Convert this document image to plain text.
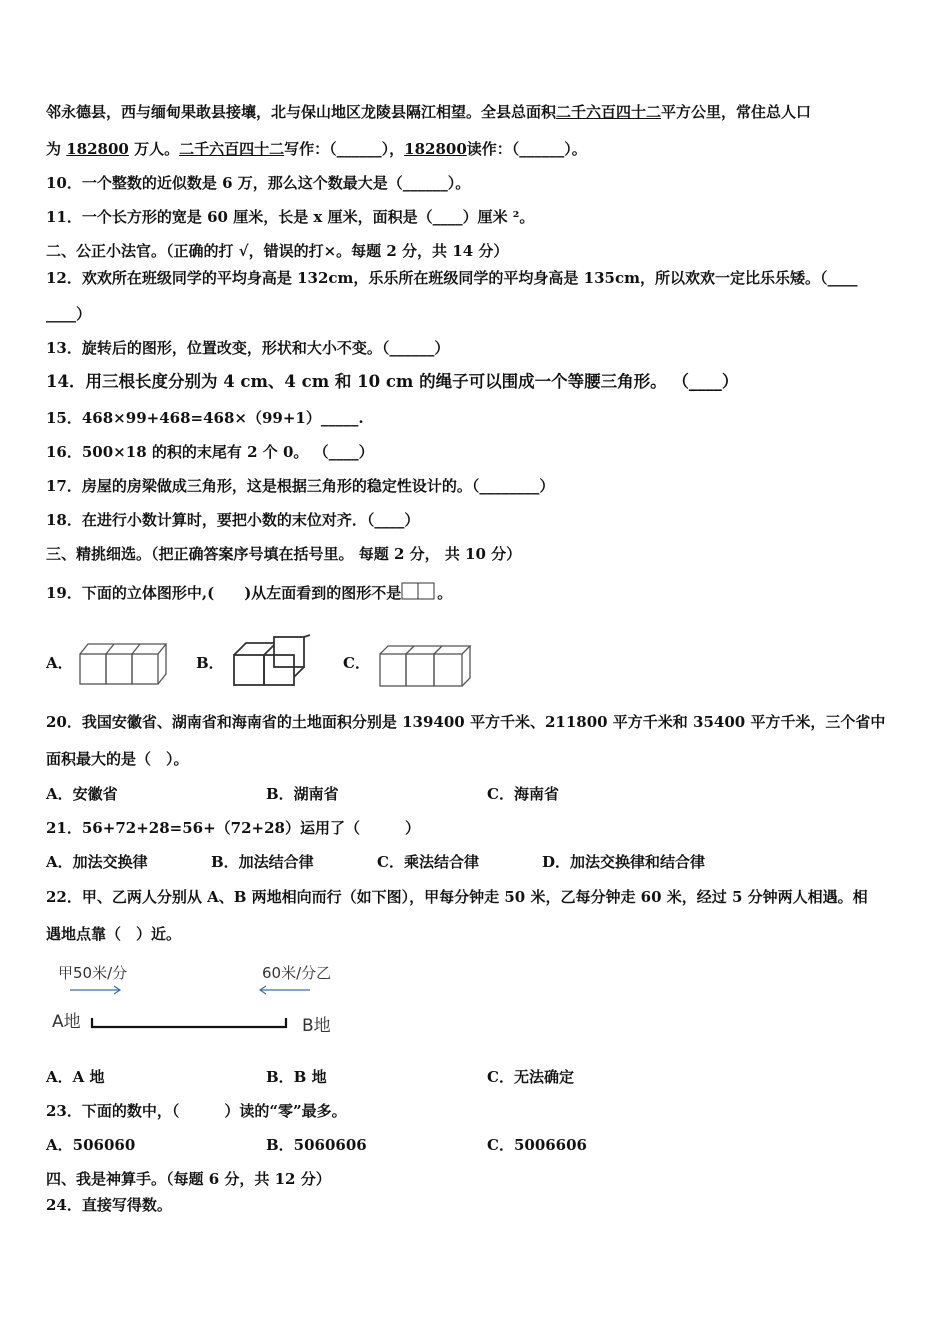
邻永德县，西与缅甸果敢县接壤，北与保山地区龙陵县隔江相望。全县总面积二千六百四十二平方公里，常住总人口
为 182800 万人。二千六百四十二写作：（______），182800读作：（______）。
10．一个整数的近似数是 6 万，那么这个数最大是（______）。
11．一个长方形的宽是 60 厘米，长是 x 厘米，面积是（____）厘米 ²。
二、公正小法官。（正确的打 √，错误的打×。每题 2 分，共 14 分）
12．欢欢所在班级同学的平均身高是 132cm，乐乐所在班级同学的平均身高是 135cm，所以欢欢一定比乐乐矮。（____
____）
13．旋转后的图形，位置改变，形状和大小不变。（______）
14．用三根长度分别为 4 cm、4 cm 和 10 cm 的绳子可以围成一个等腰三角形。 （____）
15．468×99+468=468×（99+1）_____.
16．500×18 的积的末尾有 2 个 0。 （____）
17．房屋的房梁做成三角形，这是根据三角形的稳定性设计的。（________）
18．在进行小数计算时，要把小数的末位对齐．（____）
三、精挑细选。（把正确答案序号填在括号里。 每题 2 分， 共 10 分）
19．下面的立体图形中,(　　)从左面看到的图形不是 。
A．	B．	C．
20．我国安徽省、湖南省和海南省的土地面积分别是 139400 平方千米、211800 平方千米和 35400 平方千米，三个省中
面积最大的是（　）。
A．安徽省	B．湖南省	C．海南省
21．56+72+28=56+（72+28）运用了（　　　）
A．加法交换律	B．加法结合律	C．乘法结合律	D．加法交换律和结合律
22．甲、乙两人分别从 A、B 两地相向而行（如下图），甲每分钟走 50 米，乙每分钟走 60 米，经过 5 分钟两人相遇。相
遇地点靠（　）近。
甲50米/分	60米/分乙
A地	B地
A．A 地	B．B 地	C．无法确定
23．下面的数中，（　　　）读的“零”最多。
A．506060	B．5060606	C．5006606
四、我是神算手。（每题 6 分，共 12 分）
24．直接写得数。
